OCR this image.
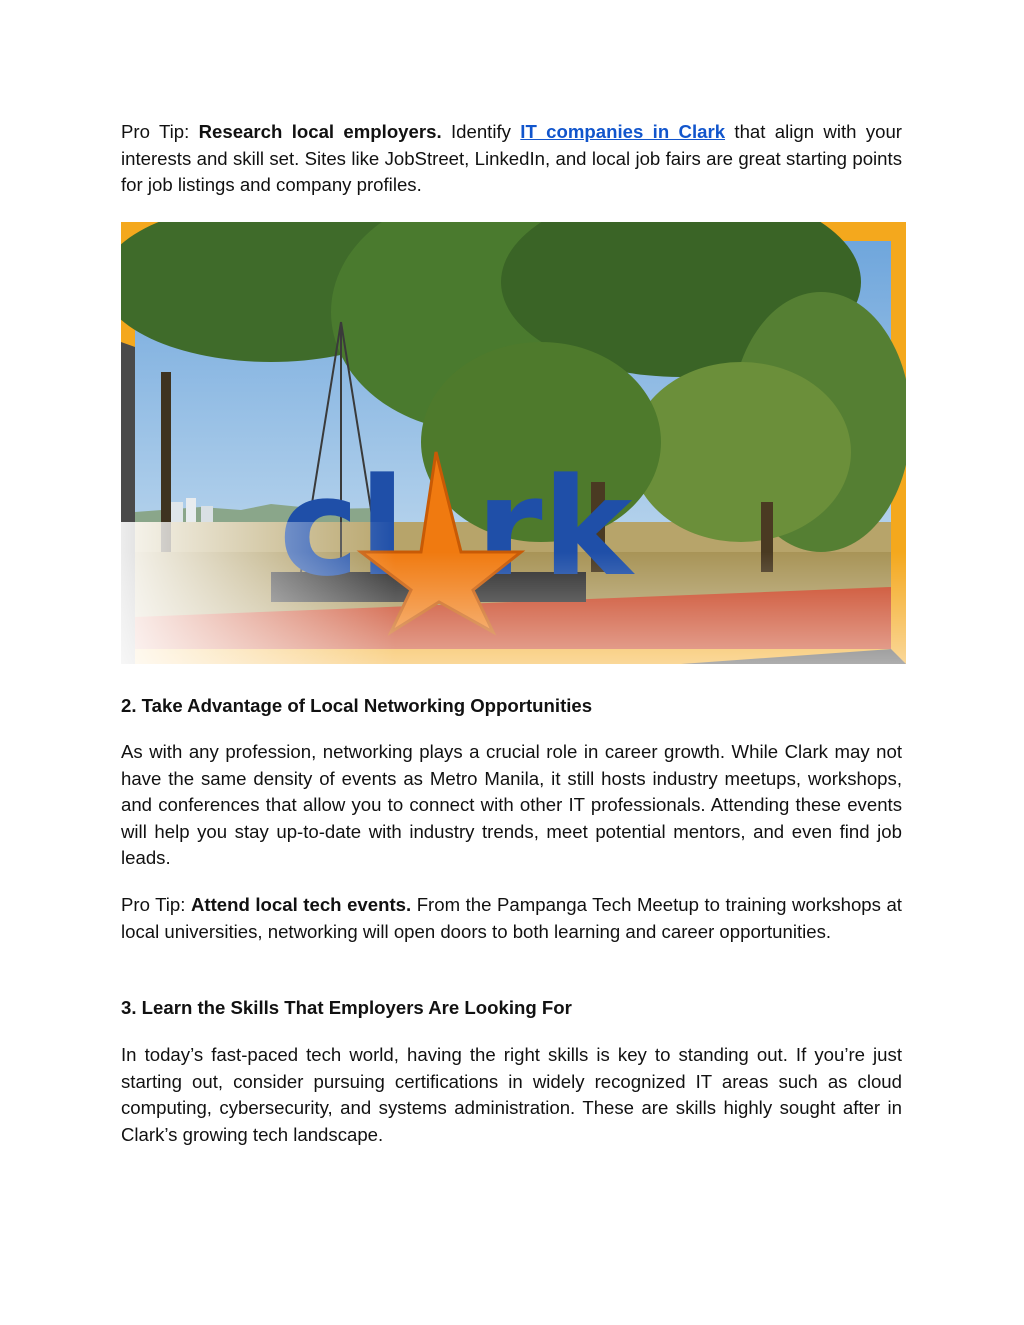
Pro Tip: Research local employers. Identify IT companies in Clark that align with your interests and skill set. Sites like JobStreet, LinkedIn, and local job fairs are great starting points for job listings and company profiles.

2. Take Advantage of Local Networking Opportunities

As with any profession, networking plays a crucial role in career growth. While Clark may not have the same density of events as Metro Manila, it still hosts industry meetups, workshops, and conferences that allow you to connect with other IT professionals. Attending these events will help you stay up-to-date with industry trends, meet potential mentors, and even find job leads.

Pro Tip: Attend local tech events. From the Pampanga Tech Meetup to training workshops at local universities, networking will open doors to both learning and career opportunities.

3. Learn the Skills That Employers Are Looking For

In today’s fast-paced tech world, having the right skills is key to standing out. If you’re just starting out, consider pursuing certifications in widely recognized IT areas such as cloud computing, cybersecurity, and systems administration. These are skills highly sought after in Clark’s growing tech landscape.
